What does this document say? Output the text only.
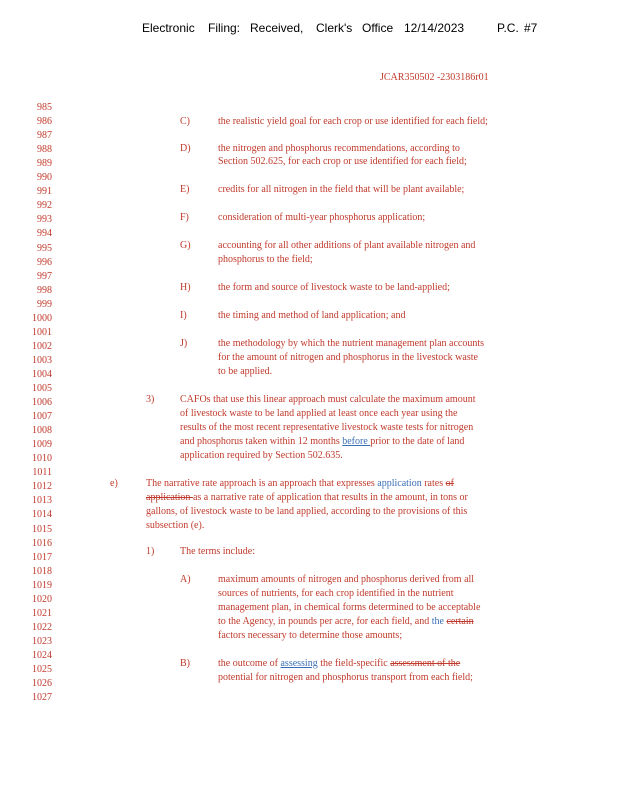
Electronic Filing: Received, Clerk's Office 12/14/2023	P.C. #7
JCAR350502 -2303186r01
985
986
987
988
989
990
991
992
993
994
995
996
997
998
999
1000
1001
1002
1003
1004
1005
1006
1007
1008
1009
1010
1011
1012
1013
1014
1015
1016
1017
1018
1019
1020
1021
1022
1023
1024
1025
1026
1027
C)	the realistic yield goal for each crop or use identified for each field;
D)	the nitrogen and phosphorus recommendations, according to
Section 502.625, for each crop or use identified for each field;
E)	credits for all nitrogen in the field that will be plant available;
F)	consideration of multi-year phosphorus application;
G)	accounting for all other additions of plant available nitrogen and
phosphorus to the field;
H)	the form and source of livestock waste to be land-applied;
I)	the timing and method of land application; and
J)	the methodology by which the nutrient management plan accounts
for the amount of nitrogen and phosphorus in the livestock waste
to be applied.
3)	CAFOs that use this linear approach must calculate the maximum amount
of livestock waste to be land applied at least once each year using the
results of the most recent representative livestock waste tests for nitrogen
and phosphorus taken within 12 months before prior to the date of land
application required by Section 502.635.
e)	The narrative rate approach is an approach that expresses application rates of
application as a narrative rate of application that results in the amount, in tons or
gallons, of livestock waste to be land applied, according to the provisions of this
subsection (e).
1)	The terms include:
A)	maximum amounts of nitrogen and phosphorus derived from all
sources of nutrients, for each crop identified in the nutrient
management plan, in chemical forms determined to be acceptable
to the Agency, in pounds per acre, for each field, and the certain
factors necessary to determine those amounts;
B)	the outcome of assessing the field-specific assessment of the
potential for nitrogen and phosphorus transport from each field;
